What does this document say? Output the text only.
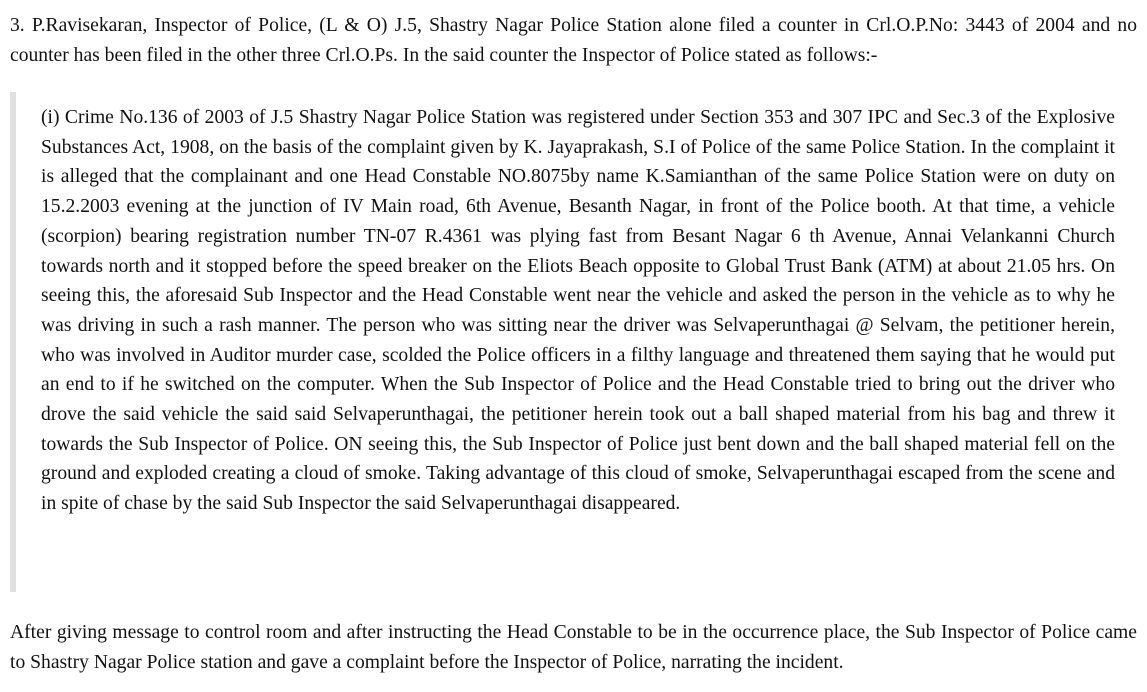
3. P.Ravisekaran, Inspector of Police, (L & O) J.5, Shastry Nagar Police Station alone filed a counter in Crl.O.P.No: 3443 of 2004 and no counter has been filed in the other three Crl.O.Ps. In the said counter the Inspector of Police stated as follows:-

(i) Crime No.136 of 2003 of J.5 Shastry Nagar Police Station was registered under Section 353 and 307 IPC and Sec.3 of the Explosive Substances Act, 1908, on the basis of the complaint given by K. Jayaprakash, S.I of Police of the same Police Station. In the complaint it is alleged that the complainant and one Head Constable NO.8075by name K.Samianthan of the same Police Station were on duty on 15.2.2003 evening at the junction of IV Main road, 6th Avenue, Besanth Nagar, in front of the Police booth. At that time, a vehicle (scorpion) bearing registration number TN-07 R.4361 was plying fast from Besant Nagar 6 th Avenue, Annai Velankanni Church towards north and it stopped before the speed breaker on the Eliots Beach opposite to Global Trust Bank (ATM) at about 21.05 hrs. On seeing this, the aforesaid Sub Inspector and the Head Constable went near the vehicle and asked the person in the vehicle as to why he was driving in such a rash manner. The person who was sitting near the driver was Selvaperunthagai @ Selvam, the petitioner herein, who was involved in Auditor murder case, scolded the Police officers in a filthy language and threatened them saying that he would put an end to if he switched on the computer. When the Sub Inspector of Police and the Head Constable tried to bring out the driver who drove the said vehicle the said said Selvaperunthagai, the petitioner herein took out a ball shaped material from his bag and threw it towards the Sub Inspector of Police. ON seeing this, the Sub Inspector of Police just bent down and the ball shaped material fell on the ground and exploded creating a cloud of smoke. Taking advantage of this cloud of smoke, Selvaperunthagai escaped from the scene and in spite of chase by the said Sub Inspector the said Selvaperunthagai disappeared.

After giving message to control room and after instructing the Head Constable to be in the occurrence place, the Sub Inspector of Police came to Shastry Nagar Police station and gave a complaint before the Inspector of Police, narrating the incident.
